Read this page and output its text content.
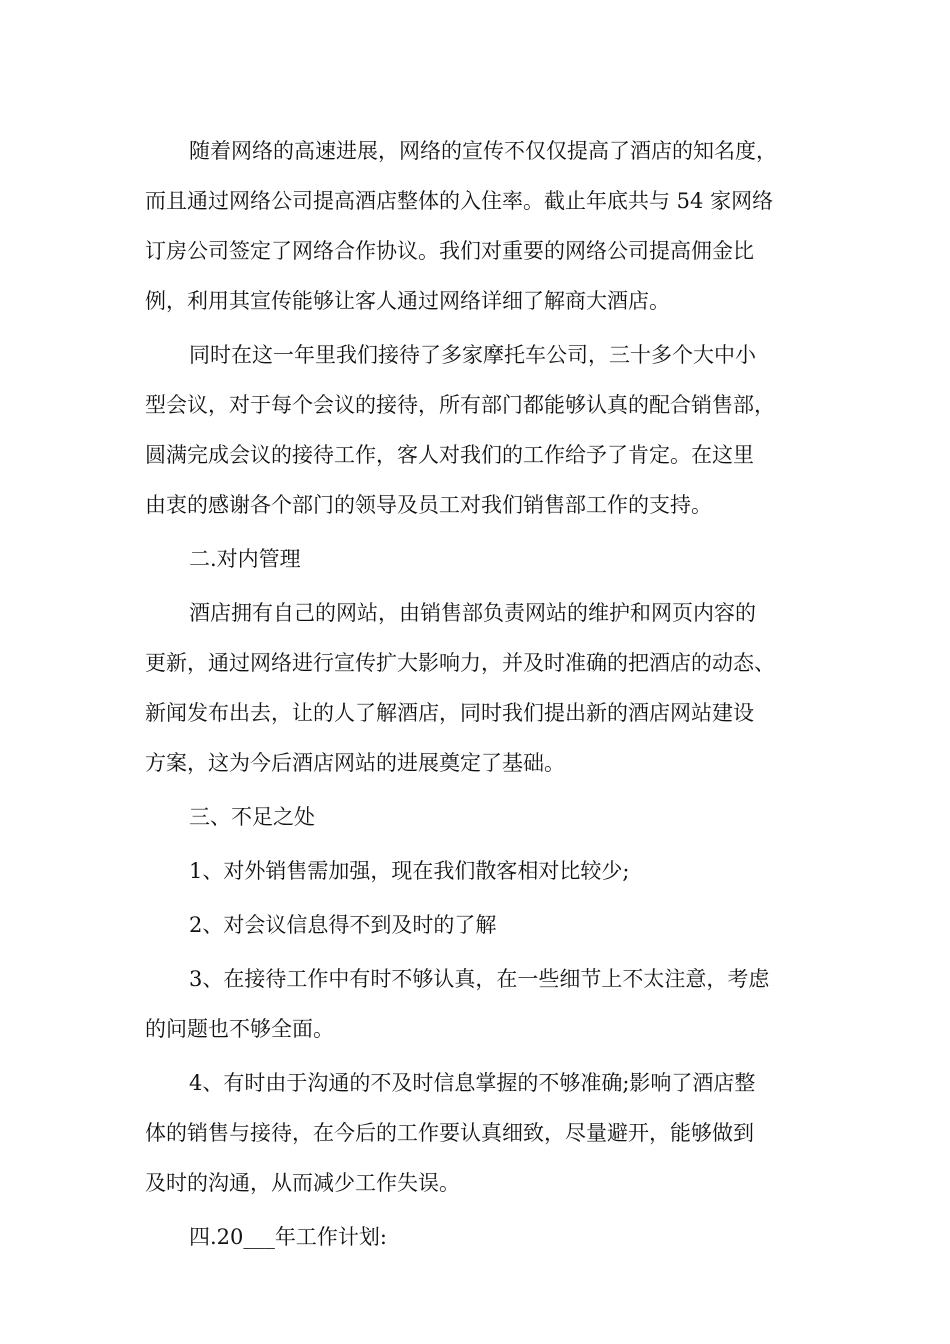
随着网络的高速进展，网络的宣传不仅仅提高了酒店的知名度，
而且通过网络公司提高酒店整体的入住率。截止年底共与 54 家网络
订房公司签定了网络合作协议。我们对重要的网络公司提高佣金比
例，利用其宣传能够让客人通过网络详细了解商大酒店。
同时在这一年里我们接待了多家摩托车公司，三十多个大中小
型会议，对于每个会议的接待，所有部门都能够认真的配合销售部，
圆满完成会议的接待工作，客人对我们的工作给予了肯定。在这里
由衷的感谢各个部门的领导及员工对我们销售部工作的支持。
二.对内管理
酒店拥有自己的网站，由销售部负责网站的维护和网页内容的
更新，通过网络进行宣传扩大影响力，并及时准确的把酒店的动态、
新闻发布出去，让的人了解酒店，同时我们提出新的酒店网站建设
方案，这为今后酒店网站的进展奠定了基础。
三、不足之处
1、对外销售需加强，现在我们散客相对比较少;
2、对会议信息得不到及时的了解
3、在接待工作中有时不够认真，在一些细节上不太注意，考虑
的问题也不够全面。
4、有时由于沟通的不及时信息掌握的不够准确;影响了酒店整
体的销售与接待，在今后的工作要认真细致，尽量避开，能够做到
及时的沟通，从而减少工作失误。
四.20___年工作计划:
